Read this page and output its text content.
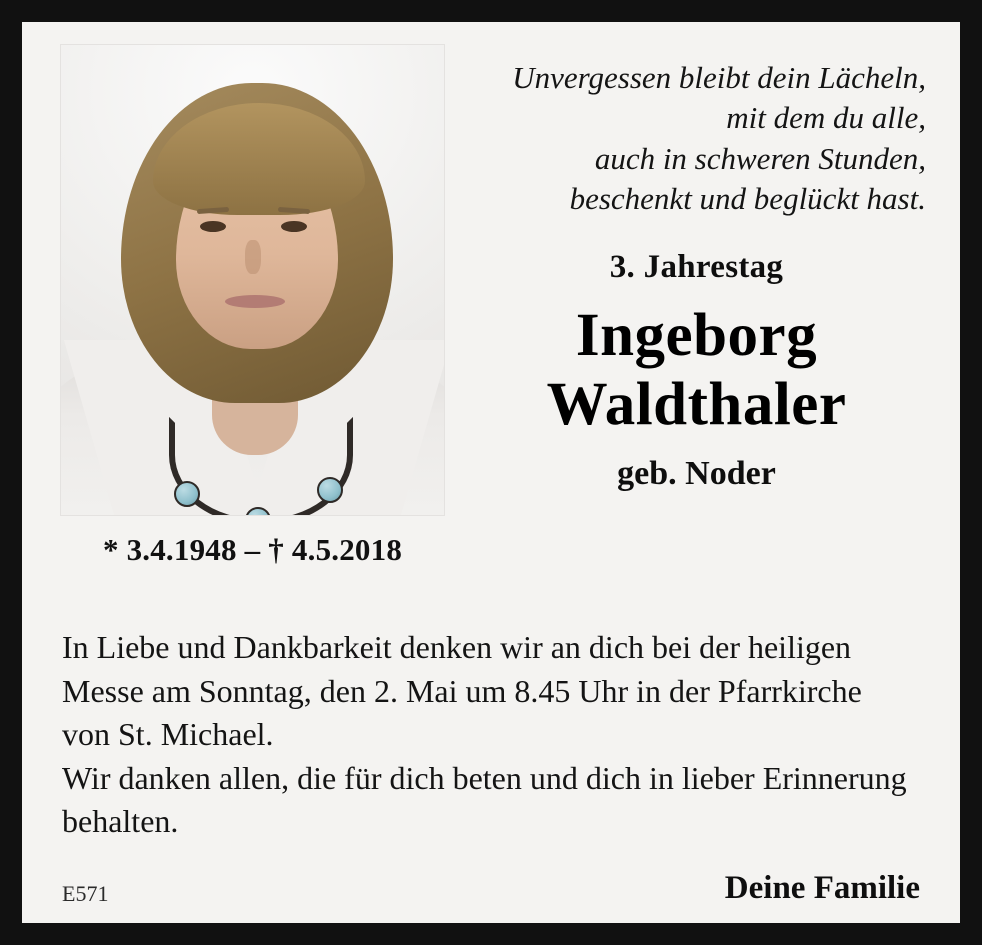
* 3.4.1948 – † 4.5.2018
Unvergessen bleibt dein Lächeln,
mit dem du alle,
auch in schweren Stunden,
beschenkt und beglückt hast.
3. Jahrestag
Ingeborg
Waldthaler
geb. Noder

In Liebe und Dankbarkeit denken wir an dich bei der heiligen Messe am Sonntag, den 2. Mai um 8.45 Uhr in der Pfarrkirche von St. Michael.

Wir danken allen, die für dich beten und dich in lieber Erinnerung behalten.

E571	Deine Familie
